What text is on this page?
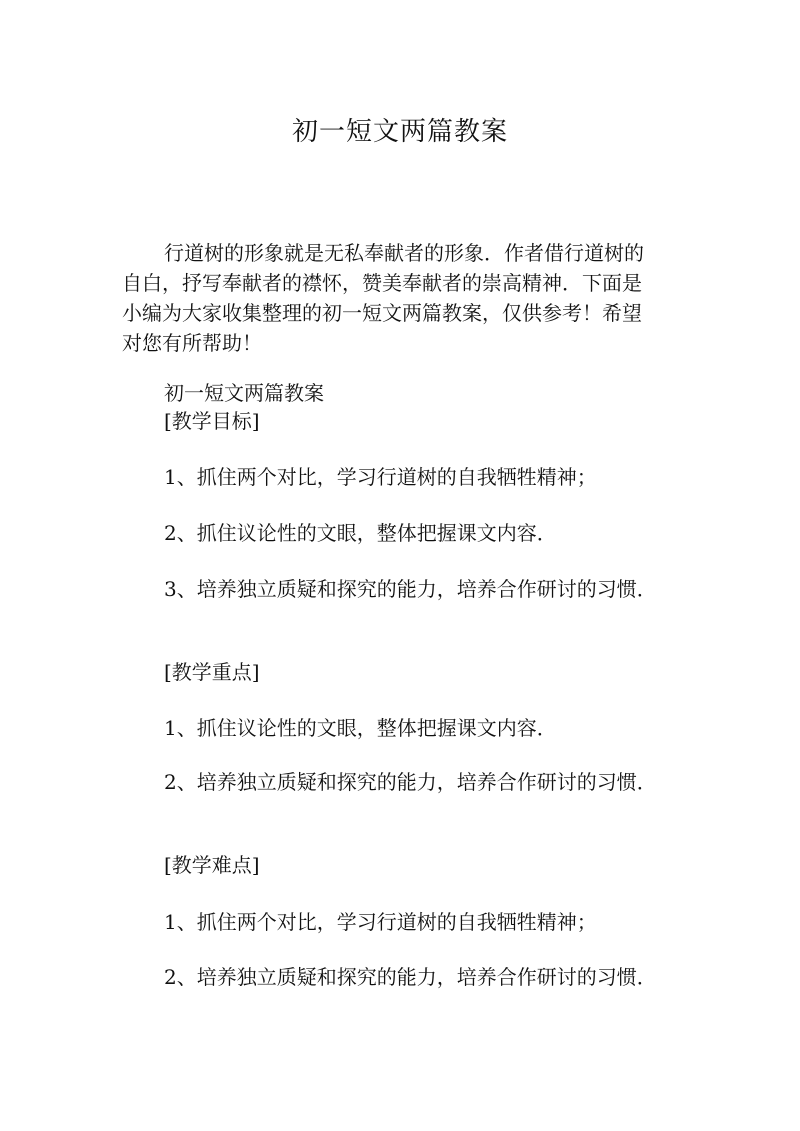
初一短文两篇教案

行道树的形象就是无私奉献者的形象．作者借行道树的自白，抒写奉献者的襟怀，赞美奉献者的崇高精神．下面是小编为大家收集整理的初一短文两篇教案，仅供参考！希望对您有所帮助！

初一短文两篇教案

[教学目标]

1、抓住两个对比，学习行道树的自我牺牲精神；

2、抓住议论性的文眼，整体把握课文内容．

3、培养独立质疑和探究的能力，培养合作研讨的习惯．

[教学重点]

1、抓住议论性的文眼，整体把握课文内容．

2、培养独立质疑和探究的能力，培养合作研讨的习惯．

[教学难点]

1、抓住两个对比，学习行道树的自我牺牲精神；

2、培养独立质疑和探究的能力，培养合作研讨的习惯．
